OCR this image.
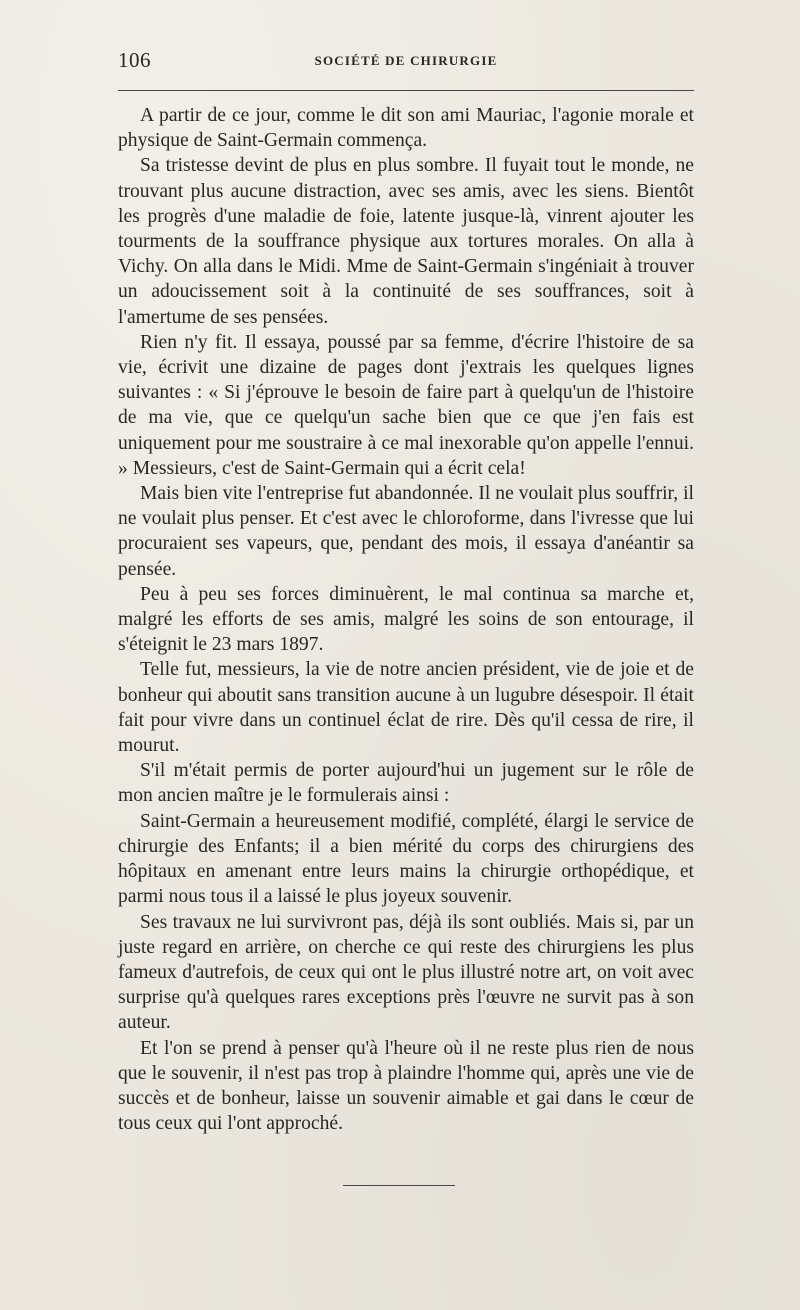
106	SOCIÉTÉ DE CHIRURGIE

A partir de ce jour, comme le dit son ami Mauriac, l'agonie morale et physique de Saint-Germain commença.

Sa tristesse devint de plus en plus sombre. Il fuyait tout le monde, ne trouvant plus aucune distraction, avec ses amis, avec les siens. Bientôt les progrès d'une maladie de foie, latente jusque-là, vinrent ajouter les tourments de la souffrance physique aux tortures morales. On alla à Vichy. On alla dans le Midi. Mme de Saint-Germain s'ingéniait à trouver un adoucissement soit à la continuité de ses souffrances, soit à l'amertume de ses pensées.

Rien n'y fit. Il essaya, poussé par sa femme, d'écrire l'histoire de sa vie, écrivit une dizaine de pages dont j'extrais les quelques lignes suivantes : « Si j'éprouve le besoin de faire part à quelqu'un de l'histoire de ma vie, que ce quelqu'un sache bien que ce que j'en fais est uniquement pour me soustraire à ce mal inexorable qu'on appelle l'ennui. » Messieurs, c'est de Saint-Germain qui a écrit cela!

Mais bien vite l'entreprise fut abandonnée. Il ne voulait plus souffrir, il ne voulait plus penser. Et c'est avec le chloroforme, dans l'ivresse que lui procuraient ses vapeurs, que, pendant des mois, il essaya d'anéantir sa pensée.

Peu à peu ses forces diminuèrent, le mal continua sa marche et, malgré les efforts de ses amis, malgré les soins de son entourage, il s'éteignit le 23 mars 1897.

Telle fut, messieurs, la vie de notre ancien président, vie de joie et de bonheur qui aboutit sans transition aucune à un lugubre désespoir. Il était fait pour vivre dans un continuel éclat de rire. Dès qu'il cessa de rire, il mourut.

S'il m'était permis de porter aujourd'hui un jugement sur le rôle de mon ancien maître je le formulerais ainsi :

Saint-Germain a heureusement modifié, complété, élargi le service de chirurgie des Enfants; il a bien mérité du corps des chirurgiens des hôpitaux en amenant entre leurs mains la chirurgie orthopédique, et parmi nous tous il a laissé le plus joyeux souvenir.

Ses travaux ne lui survivront pas, déjà ils sont oubliés. Mais si, par un juste regard en arrière, on cherche ce qui reste des chirurgiens les plus fameux d'autrefois, de ceux qui ont le plus illustré notre art, on voit avec surprise qu'à quelques rares exceptions près l'œuvre ne survit pas à son auteur.

Et l'on se prend à penser qu'à l'heure où il ne reste plus rien de nous que le souvenir, il n'est pas trop à plaindre l'homme qui, après une vie de succès et de bonheur, laisse un souvenir aimable et gai dans le cœur de tous ceux qui l'ont approché.
